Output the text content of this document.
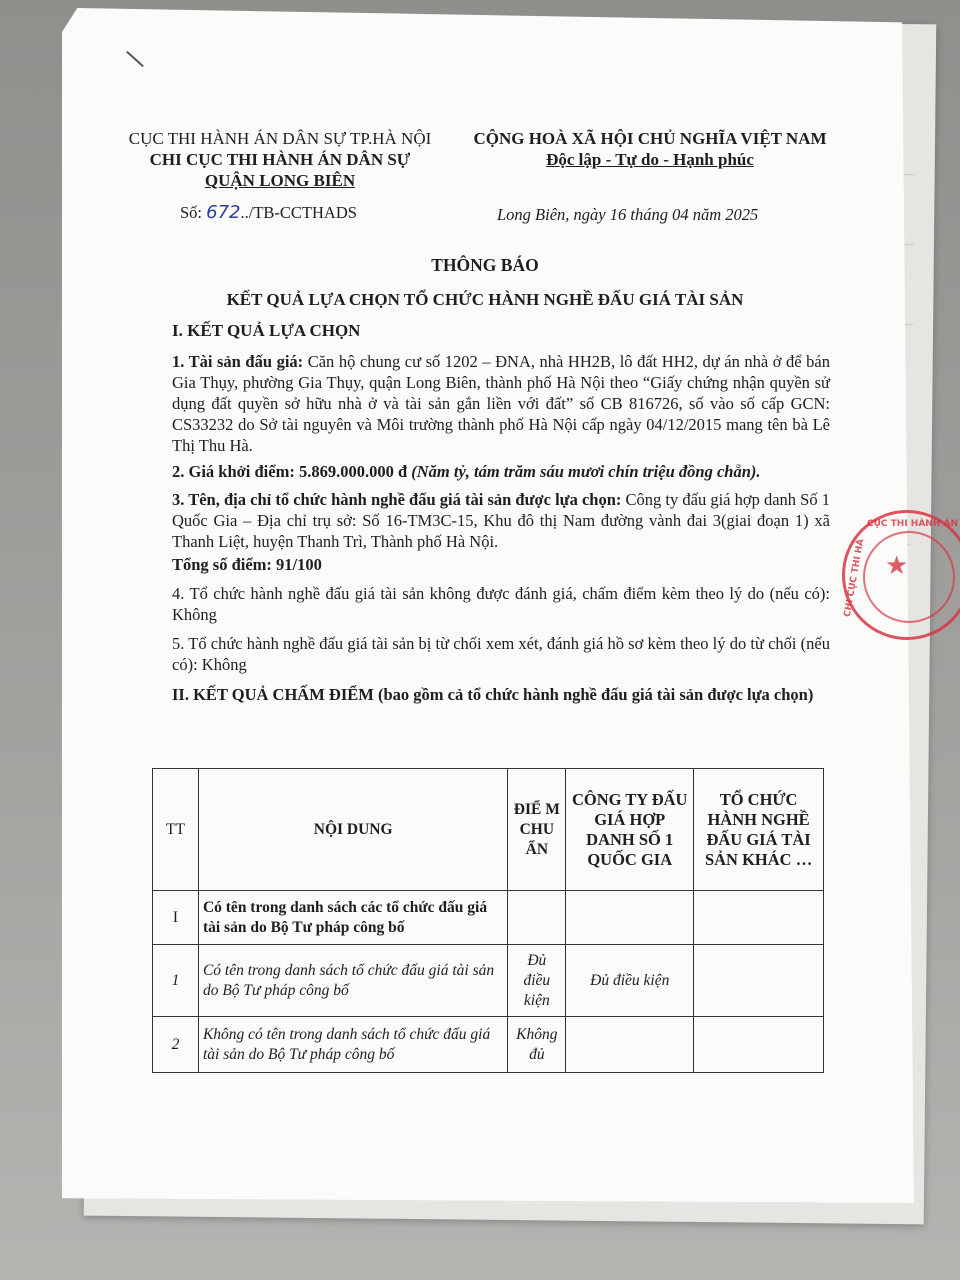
CỤC THI HÀNH ÁN DÂN SỰ TP.HÀ NỘI
CHI CỤC THI HÀNH ÁN DÂN SỰ
QUẬN LONG BIÊN
CỘNG HOÀ XÃ HỘI CHỦ NGHĨA VIỆT NAM
Độc lập - Tự do - Hạnh phúc
Số: 672../TB-CCTHADS	Long Biên, ngày 16 tháng 04 năm 2025
THÔNG BÁO
KẾT QUẢ LỰA CHỌN TỔ CHỨC HÀNH NGHỀ ĐẤU GIÁ TÀI SẢN
I. KẾT QUẢ LỰA CHỌN
1. Tài sản đấu giá: Căn hộ chung cư số 1202 – ĐNA, nhà HH2B, lô đất HH2, dự án nhà ở để bán Gia Thụy, phường Gia Thụy, quận Long Biên, thành phố Hà Nội theo “Giấy chứng nhận quyền sử dụng đất quyền sở hữu nhà ở và tài sản gắn liền với đất” số CB 816726, số vào số cấp GCN: CS33232 do Sở tài nguyên và Môi trường thành phố Hà Nội cấp ngày 04/12/2015 mang tên bà Lê Thị Thu Hà.
2. Giá khởi điểm: 5.869.000.000 đ (Năm tỷ, tám trăm sáu mươi chín triệu đồng chẵn).
3. Tên, địa chỉ tổ chức hành nghề đấu giá tài sản được lựa chọn: Công ty đấu giá hợp danh Số 1 Quốc Gia – Địa chỉ trụ sở: Số 16-TM3C-15, Khu đô thị Nam đường vành đai 3(giai đoạn 1) xã Thanh Liệt, huyện Thanh Trì, Thành phố Hà Nội.
Tổng số điểm: 91/100
4. Tổ chức hành nghề đấu giá tài sản không được đánh giá, chấm điểm kèm theo lý do (nếu có): Không
5. Tổ chức hành nghề đấu giá tài sản bị từ chối xem xét, đánh giá hồ sơ kèm theo lý do từ chối (nếu có): Không
II. KẾT QUẢ CHẤM ĐIỂM (bao gồm cả tổ chức hành nghề đấu giá tài sản được lựa chọn)
TT	NỘI DUNG	ĐIỂ M CHU ẨN	CÔNG TY ĐẤU GIÁ HỢP DANH SỐ 1 QUỐC GIA	TỔ CHỨC HÀNH NGHỀ ĐẤU GIÁ TÀI SẢN KHÁC …
I	Có tên trong danh sách các tổ chức đấu giá tài sản do Bộ Tư pháp công bố			
1	Có tên trong danh sách tổ chức đấu giá tài sản do Bộ Tư pháp công bố	Đủ điều kiện	Đủ điều kiện	
2	Không có tên trong danh sách tổ chức đấu giá tài sản do Bộ Tư pháp công bố	Không đủ		
★
CỤC THI HÀNH ÁN
CHI CỤC THI HÀ
